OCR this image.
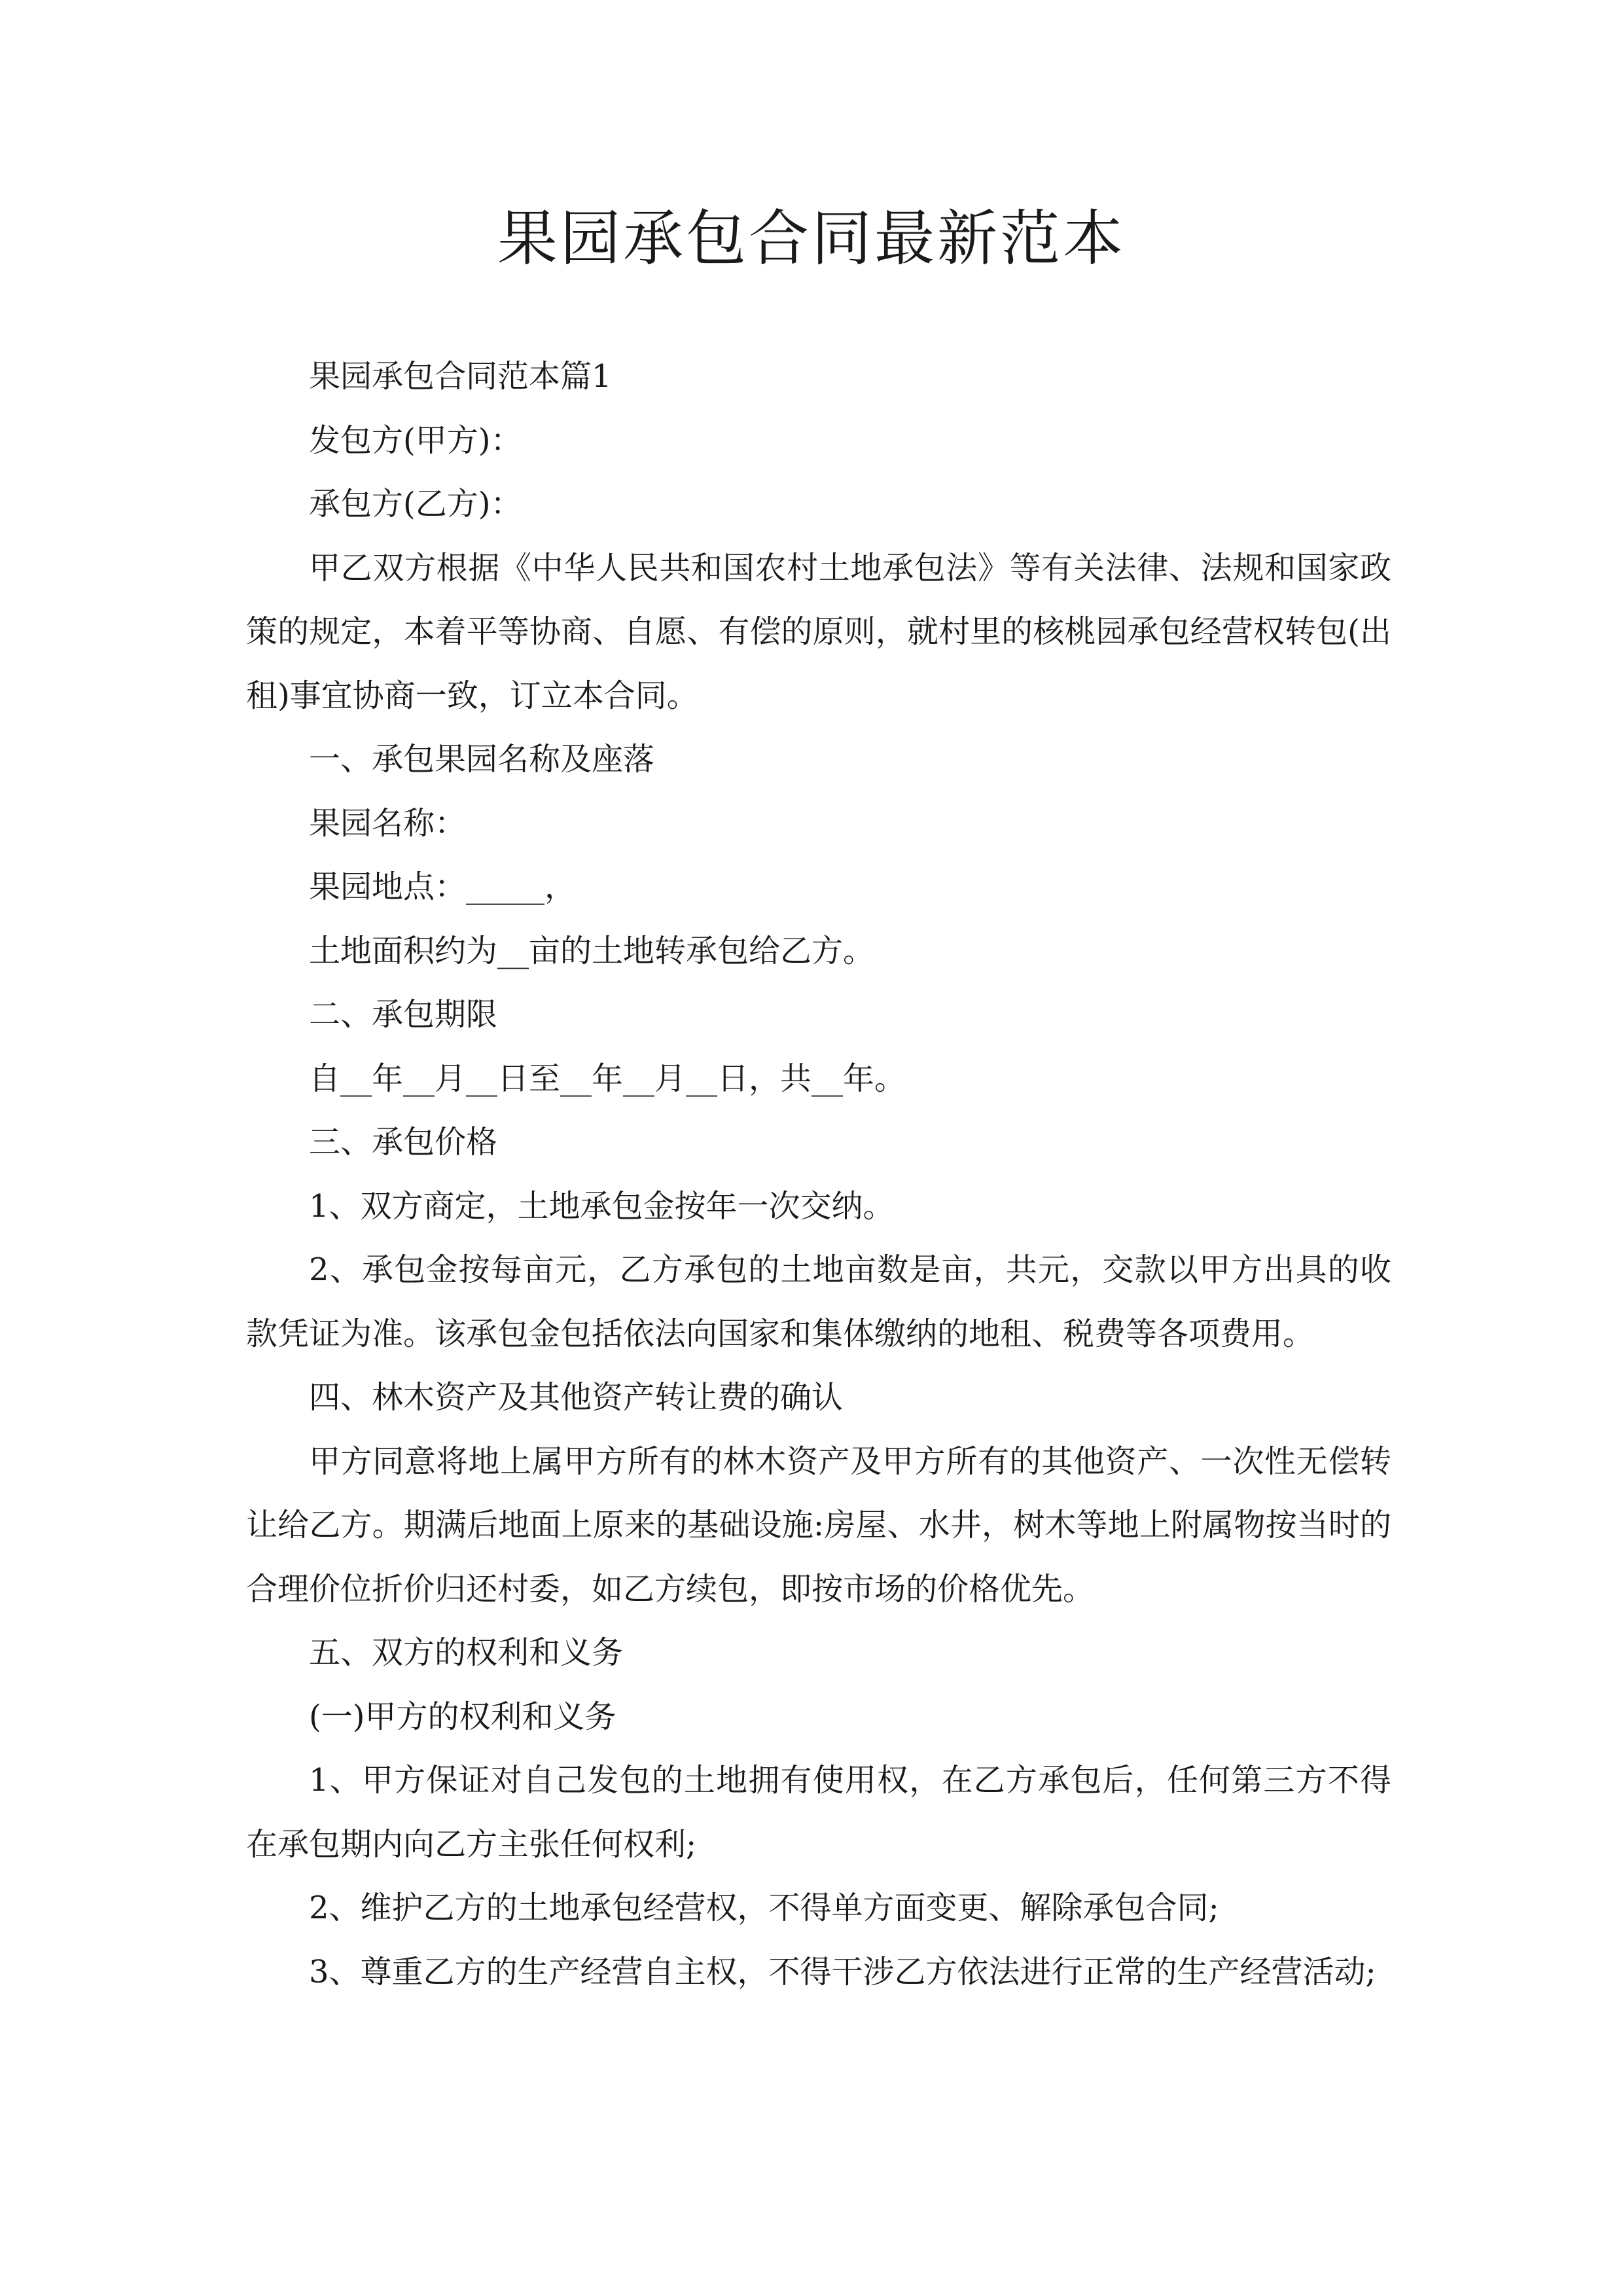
果园承包合同最新范本

果园承包合同范本篇1

发包方(甲方)：

承包方(乙方)：

甲乙双方根据《中华人民共和国农村土地承包法》等有关法律、法规和国家政策的规定，本着平等协商、自愿、有偿的原则，就村里的核桃园承包经营权转包(出租)事宜协商一致，订立本合同。

一、承包果园名称及座落

果园名称：

果园地点：_____，

土地面积约为__亩的土地转承包给乙方。

二、承包期限

自__年__月__日至__年__月__日，共__年。

三、承包价格

1、双方商定，土地承包金按年一次交纳。

2、承包金按每亩元，乙方承包的土地亩数是亩，共元，交款以甲方出具的收款凭证为准。该承包金包括依法向国家和集体缴纳的地租、税费等各项费用。

四、林木资产及其他资产转让费的确认

甲方同意将地上属甲方所有的林木资产及甲方所有的其他资产、一次性无偿转让给乙方。期满后地面上原来的基础设施:房屋、水井，树木等地上附属物按当时的合理价位折价归还村委，如乙方续包，即按市场的价格优先。

五、双方的权利和义务

(一)甲方的权利和义务

1、甲方保证对自己发包的土地拥有使用权，在乙方承包后，任何第三方不得在承包期内向乙方主张任何权利;

2、维护乙方的土地承包经营权，不得单方面变更、解除承包合同;

3、尊重乙方的生产经营自主权，不得干涉乙方依法进行正常的生产经营活动;
